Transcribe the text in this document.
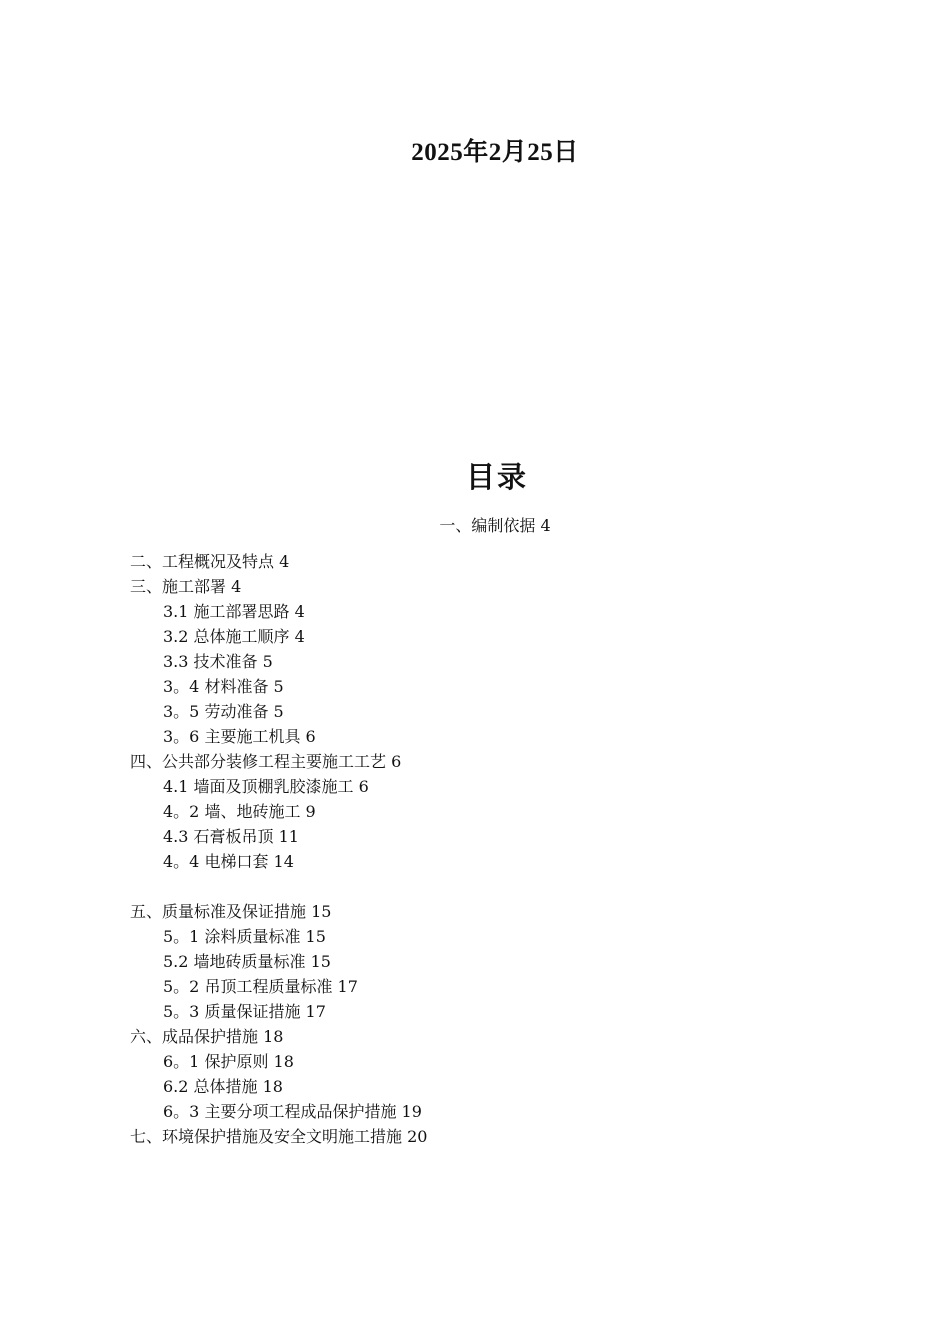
2025年2月25日
目录
一、编制依据 4
二、工程概况及特点 4
三、施工部署 4
3.1 施工部署思路 4
3.2 总体施工顺序 4
3.3 技术准备 5
3。4 材料准备 5
3。5 劳动准备 5
3。6 主要施工机具 6
四、公共部分装修工程主要施工工艺 6
4.1 墙面及顶棚乳胶漆施工 6
4。2 墙、地砖施工 9
4.3 石膏板吊顶 11
4。4 电梯口套 14
五、质量标准及保证措施 15
5。1 涂料质量标准 15
5.2 墙地砖质量标准 15
5。2 吊顶工程质量标准 17
5。3 质量保证措施 17
六、成品保护措施 18
6。1 保护原则 18
6.2 总体措施 18
6。3 主要分项工程成品保护措施 19
七、环境保护措施及安全文明施工措施 20
